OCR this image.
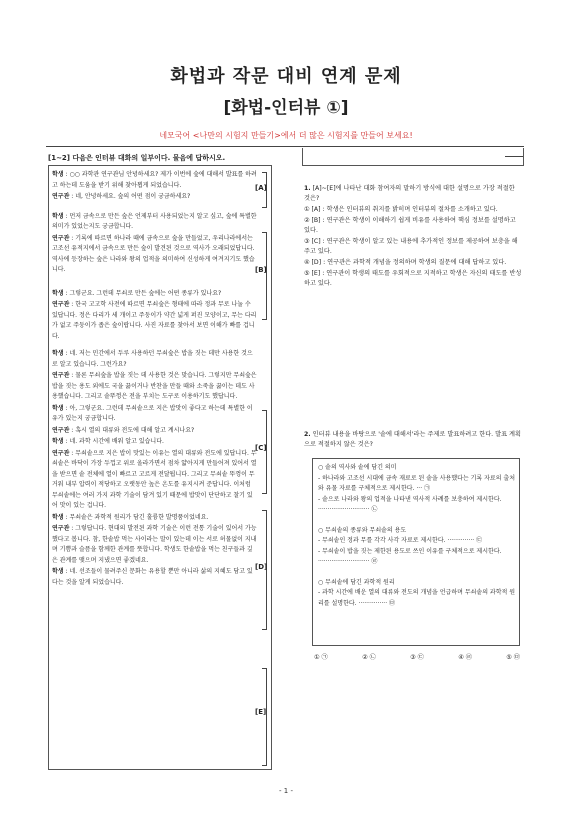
화법과 작문 대비 연계 문제
[화법-인터뷰 ①]
네모국어 <나만의 시험지 만들기>에서 더 많은 시험지를 만들어 보세요!
[1~2] 다음은 인터뷰 대화의 일부이다. 물음에 답하시오.

학생 : ○○ 과학관 연구관님 안녕하세요? 제가 이번에 숲에 대해서 발표를 하려고 하는데 도움을 받기 위해 찾아뵙게 되었습니다.

연구관 : 네, 안녕하세요. 숲의 어떤 점이 궁금하세요?

학생 : 먼저 금속으로 만든 숲은 언제부터 사용되었는지 알고 싶고, 숲에 특별한 의미가 있었는지도 궁금합니다.

연구관 : 기록에 따르면 하나라 때에 금속으로 숲을 만들었고, 우리나라에서는 고조선 유적지에서 금속으로 만든 숲이 발견된 것으로 역사가 오래되었답니다. 역사에 등장하는 숲은 나라와 왕의 업적을 의미하여 신성하게 여겨지기도 했습니다.

학생 : 그렇군요. 그런데 무쇠로 만든 숲에는 어떤 종류가 있나요?

연구관 : 한국 고고학 사전에 따르면 무쇠숲은 형태에 따라 정과 무로 나눌 수 있답니다. 정은 다리가 세 개이고 주둥이가 약간 넓게 퍼진 모양이고, 무는 다리가 없고 주둥이가 좁은 숲이랍니다. 사진 자료를 찾아서 보면 이해가 빠를 겁니다.

학생 : 네. 저는 민간에서 두루 사용하던 무쇠숲은 밥을 짓는 데만 사용한 것으로 알고 있습니다. 그런가요?

연구관 : 물론 무쇠숲을 밥을 짓는 데 사용한 것은 맞습니다. 그렇지만 무쇠숲은 밥을 짓는 용도 외에도 국을 끓이거나 반찬을 만들 때와 소죽을 끓이는 데도 사용했습니다. 그리고 솥뚜껑은 전을 부치는 도구로 이용하기도 했답니다.

학생 : 아, 그렇군요. 그런데 무쇠솥으로 지은 밥맛이 좋다고 하는데 특별한 이유가 있는지 궁금합니다.

연구관 : 혹시 열의 대류와 전도에 대해 알고 계시나요?

학생 : 네. 과학 시간에 배워 알고 있습니다.

연구관 : 무쇠솥으로 지은 밥이 맛있는 이유는 열의 대류와 전도에 있답니다. 무쇠솥은 바닥이 가장 두껍고 위로 올라가면서 점차 얇아지게 만들어져 있어서 열을 받으면 솥 전체에 열이 빠르고 고르게 전달됩니다. 그리고 무쇠솥 뚜껑이 무거워 내부 압력이 적당하고 오랫동안 높은 온도를 유지시켜 준답니다. 이처럼 무쇠솥에는 여러 가지 과학 기술이 담겨 있기 때문에 밥맛이 단단하고 찰기 있어 맛이 있는 겁니다.

학생 : 무쇠솥은 과학적 원리가 담긴 훌륭한 발명품이었네요.

연구관 : 그렇답니다. 현대의 발전된 과학 기술은 이런 전통 기술이 있어서 가능했다고 봅니다. 참, 한솥밥 먹는 사이라는 말이 있는데 이는 서로 허물없이 지내며 기쁨과 슬픔을 함께한 관계를 뜻합니다. 학생도 한솥밥을 먹는 친구들과 깊은 관계를 맺으며 지냈으면 좋겠네요.

학생 : 네. 선조들이 물려주신 문화는 유용할 뿐만 아니라 삶의 지혜도 담고 있다는 것을 알게 되었습니다.

[A]
[B]
[C]
[D]
[E]

1. [A]~[E]에 나타난 대화 참여자의 말하기 방식에 대한 설명으로 가장 적절한 것은?

① [A] : 학생은 인터뷰의 취지를 밝히며 인터뷰의 절차를 소개하고 있다.

② [B] : 연구관은 학생이 이해하기 쉽게 비유를 사용하여 핵심 정보를 설명하고 있다.

③ [C] : 연구관은 학생이 알고 있는 내용에 추가적인 정보를 제공하여 보충을 해 주고 있다.

④ [D] : 연구관은 과학적 개념을 정의하며 학생의 질문에 대해 답하고 있다.

⑤ [E] : 연구관이 학생의 태도를 우회적으로 지적하고 학생은 자신의 태도를 반성하고 있다.

2. 인터뷰 내용을 바탕으로 '솥에 대해서'라는 주제로 발표하려고 한다. 발표 계획으로 적절하지 않은 것은?

○ 솥의 역사와 솥에 담긴 의미
- 하나라와 고조선 시대에 금속 재료로 된 솥을 사용했다는 기록 자료의 출처와 유물 자료를 구체적으로 제시한다. ··· ㉠
- 솥으로 나라와 왕의 업적을 나타낸 역사적 사례를 보충하여 제시한다. ··························· ㉡
○ 무쇠솥의 종류와 무쇠솥의 용도
- 무쇠솥인 정과 무를 각각 사각 자료로 제시한다. ·············· ㉢
- 무쇠솥이 밥을 짓는 제한된 용도로 쓰인 이유를 구체적으로 제시한다. ··························· ㉣
○ 무쇠솥에 담긴 과학적 원리
- 과학 시간에 배운 열의 대류와 전도의 개념을 언급하며 무쇠솥의 과학적 원리를 설명한다. ··············· ㉤
① ㉠	② ㉡	③ ㉢	④ ㉣	⑤ ㉤
- 1 -
